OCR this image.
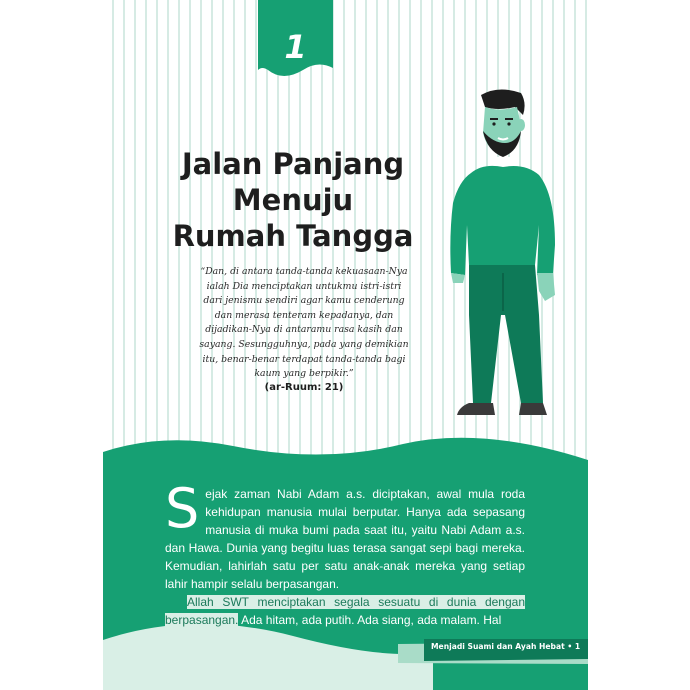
1
Jalan Panjang
Menuju
Rumah Tangga
“Dan, di antara tanda-tanda kekuasaan-Nya
ialah Dia menciptakan untukmu istri-istri
dari jenismu sendiri agar kamu cenderung
dan merasa tenteram kepadanya, dan
dijadikan-Nya di antaramu rasa kasih dan
sayang. Sesungguhnya, pada yang demikian
itu, benar-benar terdapat tanda-tanda bagi
kaum yang berpikir.”
(ar-Ruum: 21)
S ejak zaman Nabi Adam a.s. diciptakan, awal mula roda kehidupan manusia mulai berputar. Hanya ada sepasang manusia di muka bumi pada saat itu, yaitu Nabi Adam a.s. dan Hawa. Dunia yang begitu luas terasa sangat sepi bagi mereka. Kemudian, lahirlah satu per satu anak-anak mereka yang setiap lahir hampir selalu berpasangan.

Allah SWT menciptakan segala sesuatu di dunia dengan berpasangan. Ada hitam, ada putih. Ada siang, ada malam. Hal

Menjadi Suami dan Ayah Hebat • 1
